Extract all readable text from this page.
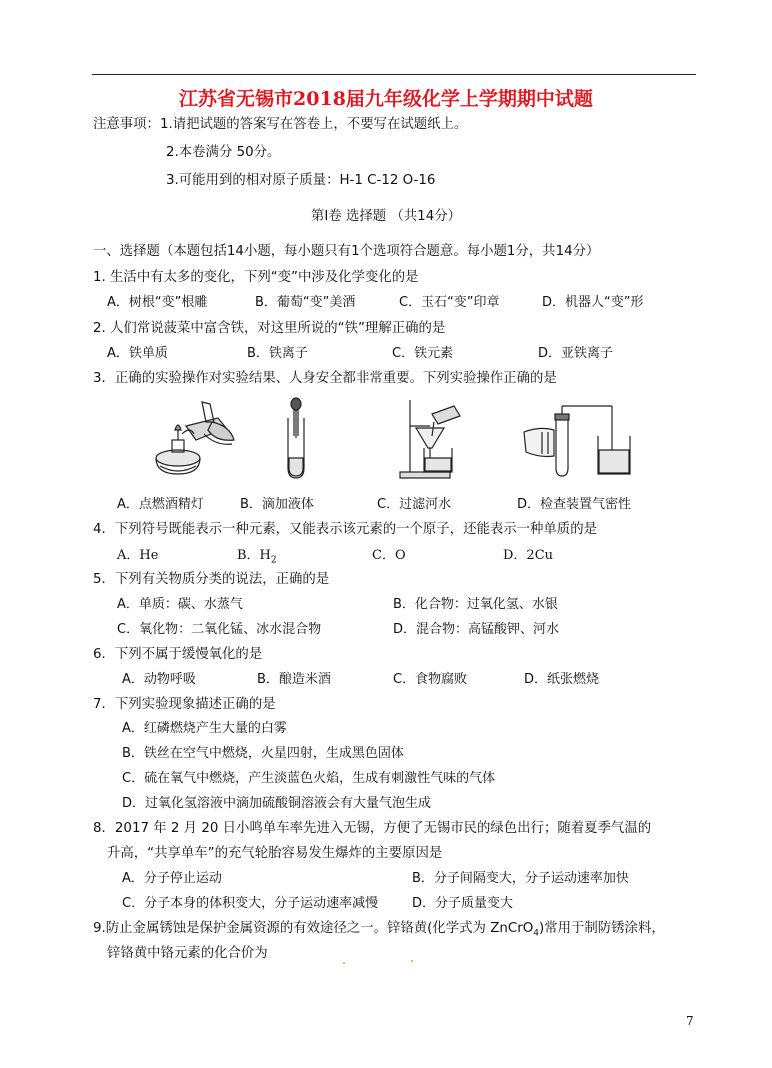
江苏省无锡市2018届九年级化学上学期期中试题
注意事项：1.请把试题的答案写在答卷上，不要写在试题纸上。
2.本卷满分 50分。
3.可能用到的相对原子质量：H-1 C-12 O-16
第Ⅰ卷 选择题 （共14分）
一、选择题（本题包括14小题，每小题只有1个选项符合题意。每小题1分，共14分）
1. 生活中有太多的变化，下列“变”中涉及化学变化的是
A．树根“变”根雕	B．葡萄“变”美酒	C．玉石“变”印章	D．机器人“变”形
2. 人们常说菠菜中富含铁，对这里所说的“铁”理解正确的是
A．铁单质	B．铁离子	C．铁元素	D．亚铁离子
3．正确的实验操作对实验结果、人身安全都非常重要。下列实验操作正确的是
A．点燃酒精灯	B．滴加液体	C．过滤河水	D．检查装置气密性
4．下列符号既能表示一种元素，又能表示该元素的一个原子，还能表示一种单质的是
A．He	B．$H_2$	C．O	D．2Cu
5．下列有关物质分类的说法，正确的是
A．单质：碳、水蒸气	B．化合物：过氧化氢、水银
C．氧化物：二氧化锰、冰水混合物	D．混合物：高锰酸钾、河水
6．下列不属于缓慢氧化的是
A．动物呼吸	B．酿造米酒	C．食物腐败	D．纸张燃烧
7．下列实验现象描述正确的是
A．红磷燃烧产生大量的白雾
B．铁丝在空气中燃烧，火星四射，生成黑色固体
C．硫在氧气中燃烧，产生淡蓝色火焰，生成有刺激性气味的气体
D．过氧化氢溶液中滴加硫酸铜溶液会有大量气泡生成
8．2017 年 2 月 20 日小鸣单车率先进入无锡，方便了无锡市民的绿色出行；随着夏季气温的
升高，“共享单车”的充气轮胎容易发生爆炸的主要原因是
A．分子停止运动	B．分子间隔变大，分子运动速率加快
C．分子本身的体积变大，分子运动速率减慢	D．分子质量变大
9.防止金属锈蚀是保护金属资源的有效途径之一。锌铬黄(化学式为 ZnCrO$_4$)常用于制防锈涂料，
锌铬黄中铬元素的化合价为
7
